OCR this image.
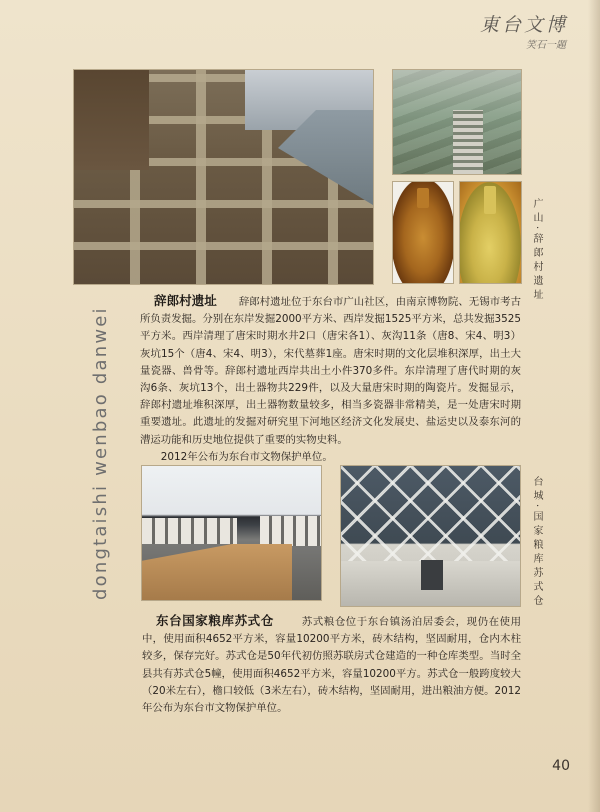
東台文博
笑石一題
dongtaishi wenbao danwei
广山·辞郎村遗址

辞郎村遗址 辞郎村遗址位于东台市广山社区，由南京博物院、无锡市考古所负责发掘。分别在东岸发掘2000平方米、西岸发掘1525平方米，总共发掘3525平方米。西岸清理了唐宋时期水井2口（唐宋各1）、灰沟11条（唐8、宋4、明3）灰坑15个（唐4、宋4、明3），宋代墓葬1座。唐宋时期的文化层堆积深厚，出土大量瓷器、兽骨等。辞郎村遗址西岸共出土小件370多件。东岸清理了唐代时期的灰沟6条、灰坑13个，出土器物共229件，以及大量唐宋时期的陶瓷片。发掘显示，辞郎村遗址堆积深厚，出土器物数量较多，相当多瓷器非常精美，是一处唐宋时期重要遗址。此遗址的发掘对研究里下河地区经济文化发展史、盐运史以及泰东河的漕运功能和历史地位提供了重要的实物史料。

2012年公布为东台市文物保护单位。

台城·国家粮库苏式仓

东台国家粮库苏式仓	苏式粮仓位于东台镇汤泊居委会，现仍在使用中，使用面积4652平方米，容量10200平方米，砖木结构，坚固耐用，仓内木柱较多，保存完好。苏式仓是50年代初仿照苏联房式仓建造的一种仓库类型。当时全县共有苏式仓5幢，使用面积4652平方米，容量10200平方。苏式仓一般跨度较大（20米左右），檐口较低（3米左右），砖木结构，坚固耐用，进出粮油方便。2012年公布为东台市文物保护单位。

40
